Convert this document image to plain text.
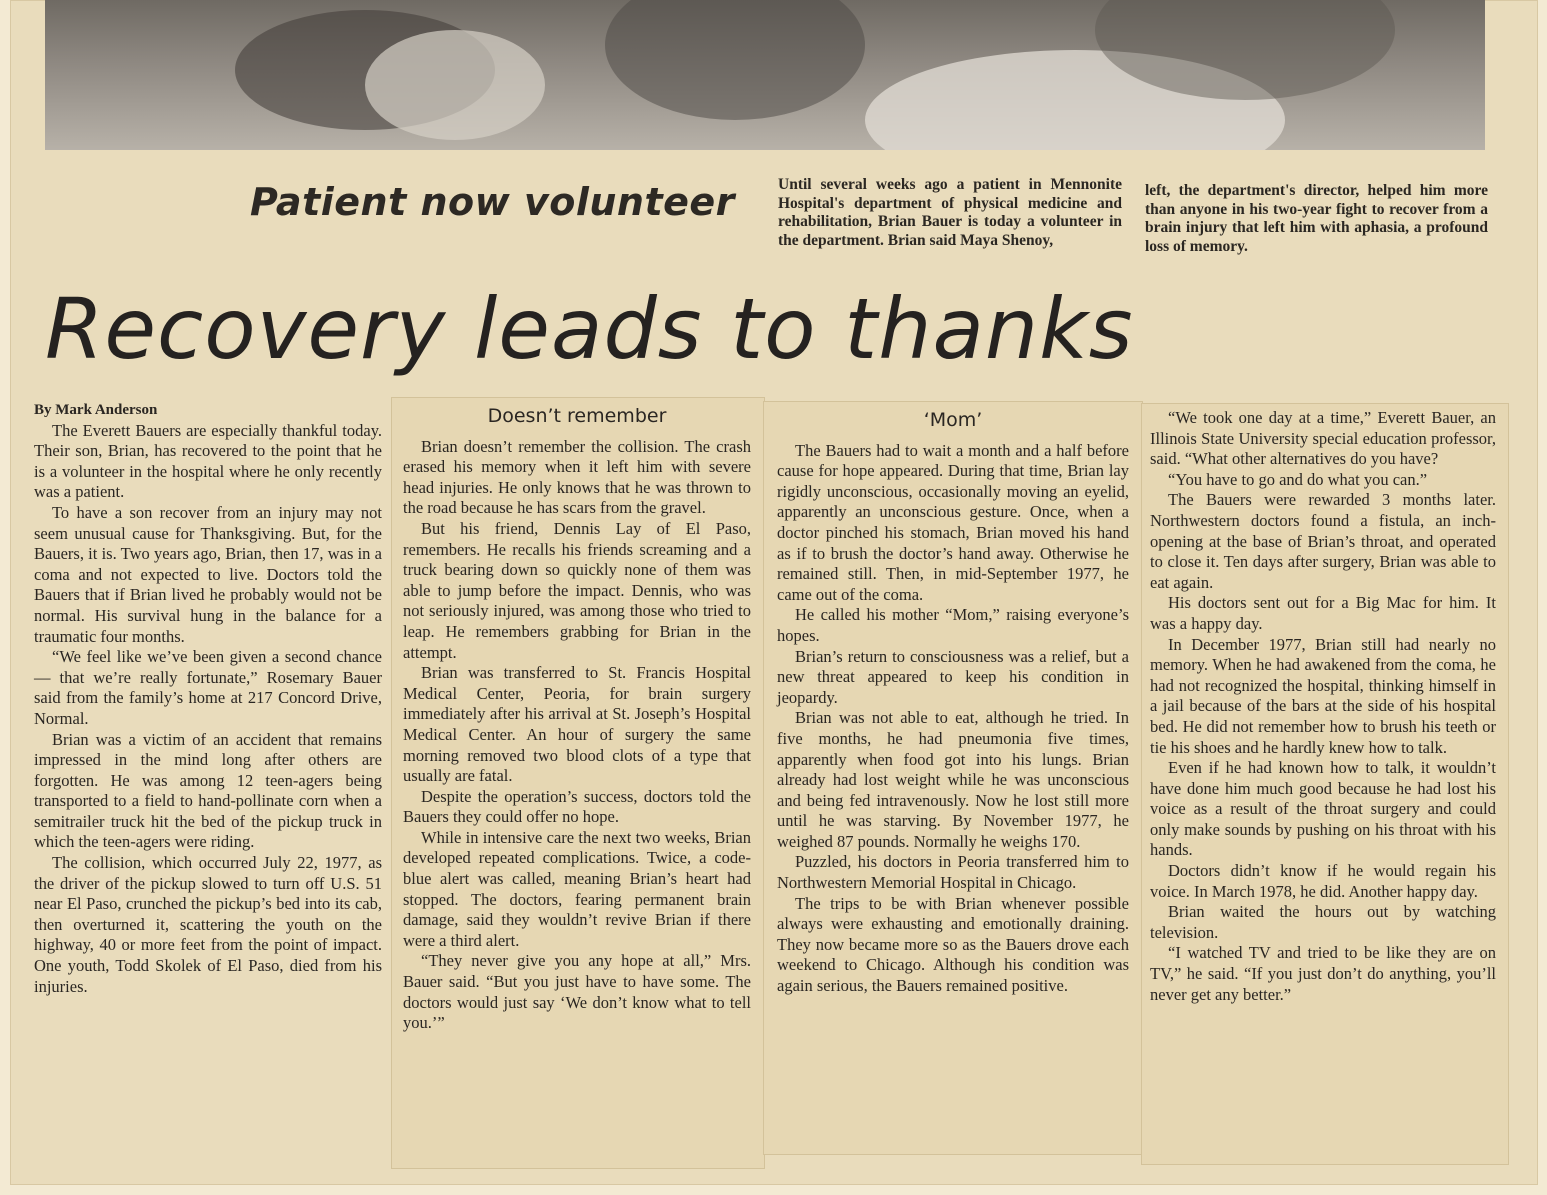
Patient now volunteer	Until several weeks ago a patient in Mennonite Hospital's department of physical medicine and rehabilitation, Brian Bauer is today a volunteer in the department. Brian said Maya Shenoy,
left, the department's director, helped him more than anyone in his two-year fight to recover from a brain injury that left him with aphasia, a profound loss of memory.
Recovery leads to thanks

By Mark Anderson

The Everett Bauers are especially thankful today. Their son, Brian, has recovered to the point that he is a volunteer in the hospital where he only recently was a patient.

To have a son recover from an injury may not seem unusual cause for Thanksgiving. But, for the Bauers, it is. Two years ago, Brian, then 17, was in a coma and not expected to live. Doctors told the Bauers that if Brian lived he probably would not be normal. His survival hung in the balance for a traumatic four months.

“We feel like we’ve been given a second chance — that we’re really fortunate,” Rosemary Bauer said from the family’s home at 217 Concord Drive, Normal.

Brian was a victim of an accident that remains impressed in the mind long after others are forgotten. He was among 12 teen-agers being transported to a field to hand-pollinate corn when a semitrailer truck hit the bed of the pickup truck in which the teen-agers were riding.

The collision, which occurred July 22, 1977, as the driver of the pickup slowed to turn off U.S. 51 near El Paso, crunched the pickup’s bed into its cab, then overturned it, scattering the youth on the highway, 40 or more feet from the point of impact. One youth, Todd Skolek of El Paso, died from his injuries.

Doesn’t remember

Brian doesn’t remember the collision. The crash erased his memory when it left him with severe head injuries. He only knows that he was thrown to the road because he has scars from the gravel.

But his friend, Dennis Lay of El Paso, remembers. He recalls his friends screaming and a truck bearing down so quickly none of them was able to jump before the impact. Dennis, who was not seriously injured, was among those who tried to leap. He remembers grabbing for Brian in the attempt.

Brian was transferred to St. Francis Hospital Medical Center, Peoria, for brain surgery immediately after his arrival at St. Joseph’s Hospital Medical Center. An hour of surgery the same morning removed two blood clots of a type that usually are fatal.

Despite the operation’s success, doctors told the Bauers they could offer no hope.

While in intensive care the next two weeks, Brian developed repeated complications. Twice, a code-blue alert was called, meaning Brian’s heart had stopped. The doctors, fearing permanent brain damage, said they wouldn’t revive Brian if there were a third alert.

“They never give you any hope at all,” Mrs. Bauer said. “But you just have to have some. The doctors would just say ‘We don’t know what to tell you.’”

‘Mom’

The Bauers had to wait a month and a half before cause for hope appeared. During that time, Brian lay rigidly unconscious, occasionally moving an eyelid, apparently an unconscious gesture. Once, when a doctor pinched his stomach, Brian moved his hand as if to brush the doctor’s hand away. Otherwise he remained still. Then, in mid-September 1977, he came out of the coma.

He called his mother “Mom,” raising everyone’s hopes.

Brian’s return to consciousness was a relief, but a new threat appeared to keep his condition in jeopardy.

Brian was not able to eat, although he tried. In five months, he had pneumonia five times, apparently when food got into his lungs. Brian already had lost weight while he was unconscious and being fed intravenously. Now he lost still more until he was starving. By November 1977, he weighed 87 pounds. Normally he weighs 170.

Puzzled, his doctors in Peoria transferred him to Northwestern Memorial Hospital in Chicago.

The trips to be with Brian whenever possible always were exhausting and emotionally draining. They now became more so as the Bauers drove each weekend to Chicago. Although his condition was again serious, the Bauers remained positive.

“We took one day at a time,” Everett Bauer, an Illinois State University special education professor, said. “What other alternatives do you have?

“You have to go and do what you can.”

The Bauers were rewarded 3 months later. Northwestern doctors found a fistula, an inch-opening at the base of Brian’s throat, and operated to close it. Ten days after surgery, Brian was able to eat again.

His doctors sent out for a Big Mac for him. It was a happy day.

In December 1977, Brian still had nearly no memory. When he had awakened from the coma, he had not recognized the hospital, thinking himself in a jail because of the bars at the side of his hospital bed. He did not remember how to brush his teeth or tie his shoes and he hardly knew how to talk.

Even if he had known how to talk, it wouldn’t have done him much good because he had lost his voice as a result of the throat surgery and could only make sounds by pushing on his throat with his hands.

Doctors didn’t know if he would regain his voice. In March 1978, he did. Another happy day.

Brian waited the hours out by watching television.

“I watched TV and tried to be like they are on TV,” he said. “If you just don’t do anything, you’ll never get any better.”
